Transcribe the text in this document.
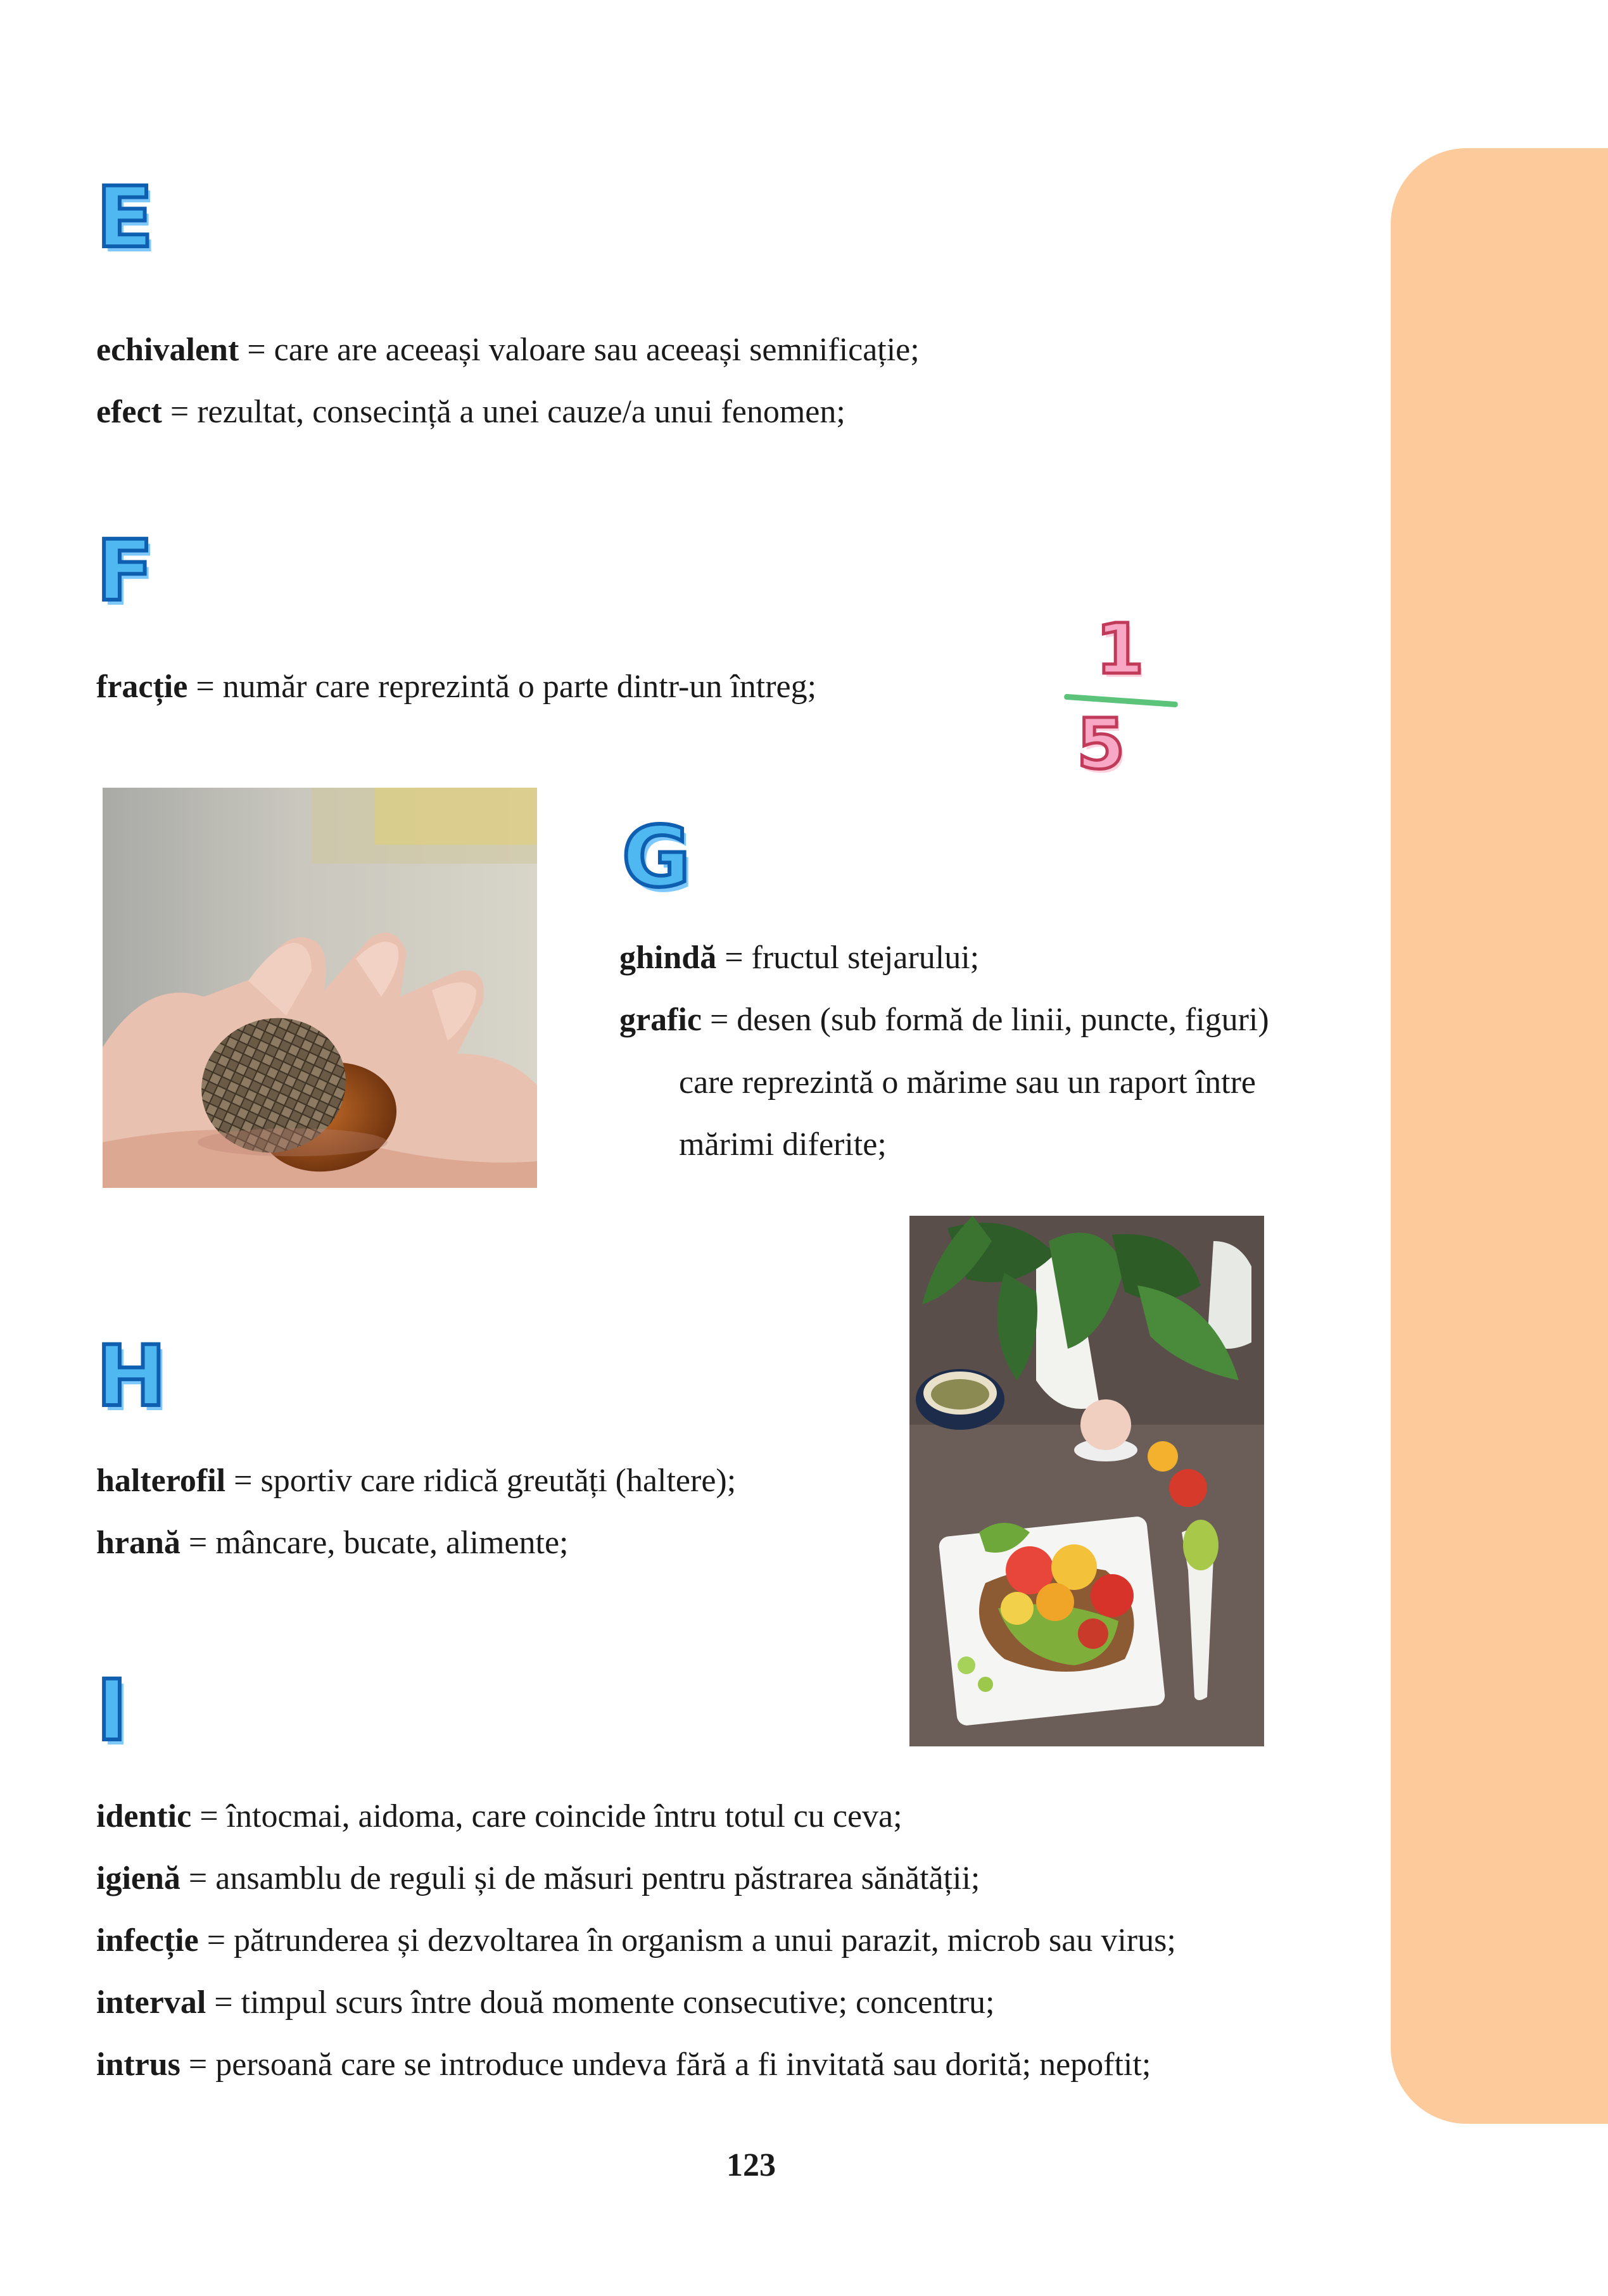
E

echivalent = care are aceeași valoare sau aceeași semnificație;

efect = rezultat, consecință a unei cauze/a unui fenomen;

F

fracție = număr care reprezintă o parte dintr-un întreg;	1
5
G

ghindă = fructul stejarului;

grafic = desen (sub formă de linii, puncte, figuri)

care reprezintă o mărime sau un raport între

mărimi diferite;

H

halterofil = sportiv care ridică greutăți (haltere);

hrană = mâncare, bucate, alimente;

I

identic = întocmai, aidoma, care coincide întru totul cu ceva;

igienă = ansamblu de reguli și de măsuri pentru păstrarea sănătății;

infecție = pătrunderea și dezvoltarea în organism a unui parazit, microb sau virus;

interval = timpul scurs între două momente consecutive; concentru;

intrus = persoană care se introduce undeva fără a fi invitată sau dorită; nepoftit;

123
